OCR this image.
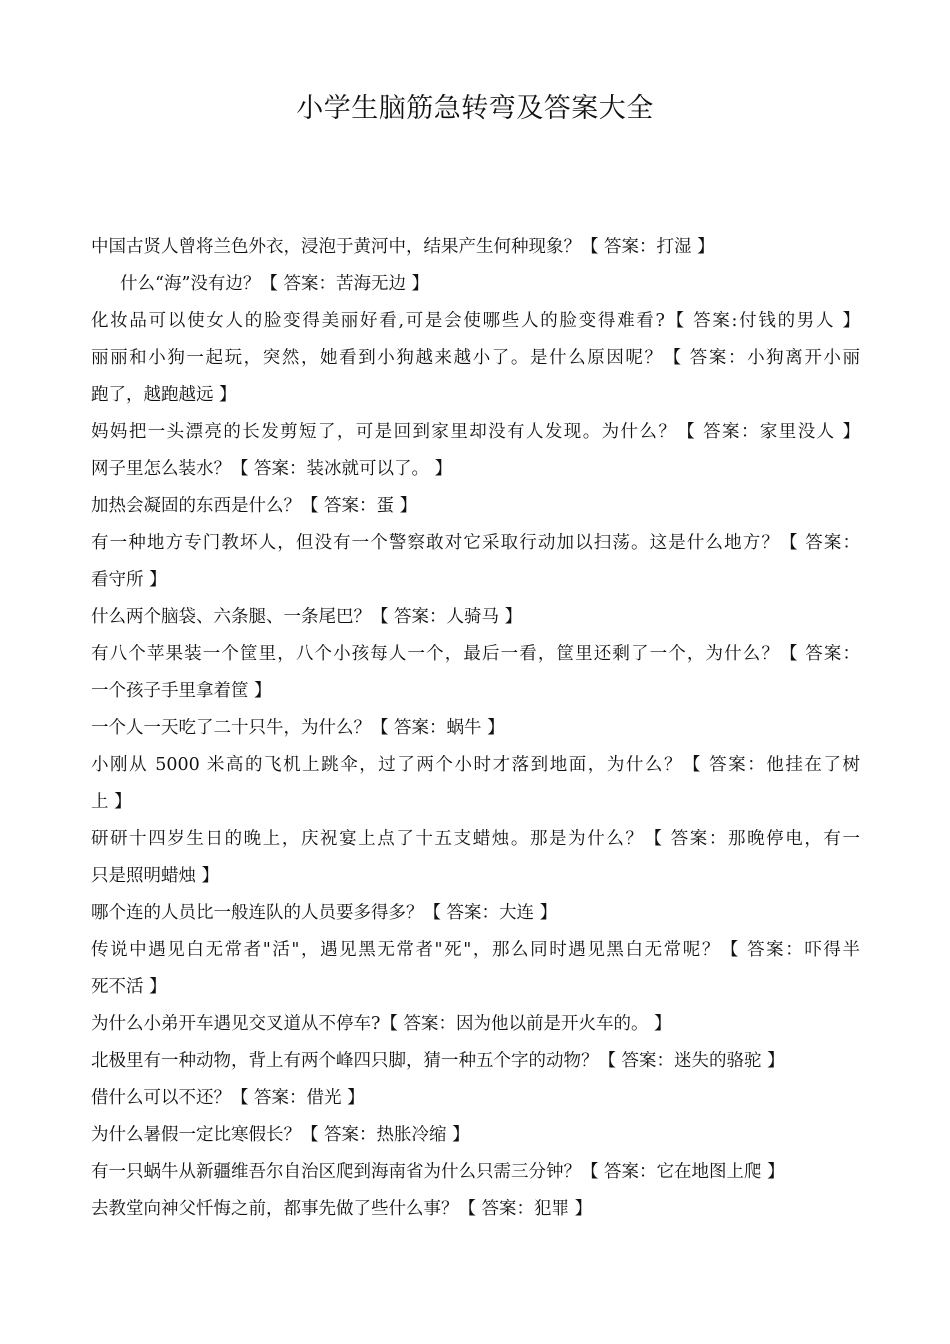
小学生脑筋急转弯及答案大全
中国古贤人曾将兰色外衣，浸泡于黄河中，结果产生何种现象？【 答案：打湿 】
什么“海”没有边？【 答案：苦海无边 】
化妆品可以使女人的脸变得美丽好看,可是会使哪些人的脸变得难看?【 答案:付钱的男人 】
丽丽和小狗一起玩，突然，她看到小狗越来越小了。是什么原因呢？【 答案：小狗离开小丽
跑了，越跑越远 】
妈妈把一头漂亮的长发剪短了，可是回到家里却没有人发现。为什么？【 答案：家里没人 】
网子里怎么装水？【 答案：装冰就可以了。 】
加热会凝固的东西是什么？【 答案：蛋 】
有一种地方专门教坏人，但没有一个警察敢对它采取行动加以扫荡。这是什么地方？【 答案：
看守所 】
什么两个脑袋、六条腿、一条尾巴？【 答案：人骑马 】
有八个苹果装一个筐里，八个小孩每人一个，最后一看，筐里还剩了一个，为什么？【 答案：
一个孩子手里拿着筐 】
一个人一天吃了二十只牛，为什么？【 答案：蜗牛 】
小刚从 5000 米高的飞机上跳伞，过了两个小时才落到地面，为什么？【 答案：他挂在了树
上 】
研研十四岁生日的晚上，庆祝宴上点了十五支蜡烛。那是为什么？【 答案：那晚停电，有一
只是照明蜡烛 】
哪个连的人员比一般连队的人员要多得多？【 答案：大连 】
传说中遇见白无常者"活"，遇见黑无常者"死"，那么同时遇见黑白无常呢？【 答案：吓得半
死不活 】
为什么小弟开车遇见交叉道从不停车?【 答案：因为他以前是开火车的。 】
北极里有一种动物，背上有两个峰四只脚，猜一种五个字的动物？【 答案：迷失的骆驼 】
借什么可以不还？【 答案：借光 】
为什么暑假一定比寒假长？【 答案：热胀冷缩 】
有一只蜗牛从新疆维吾尔自治区爬到海南省为什么只需三分钟？【 答案：它在地图上爬 】
去教堂向神父忏悔之前，都事先做了些什么事？【 答案：犯罪 】
